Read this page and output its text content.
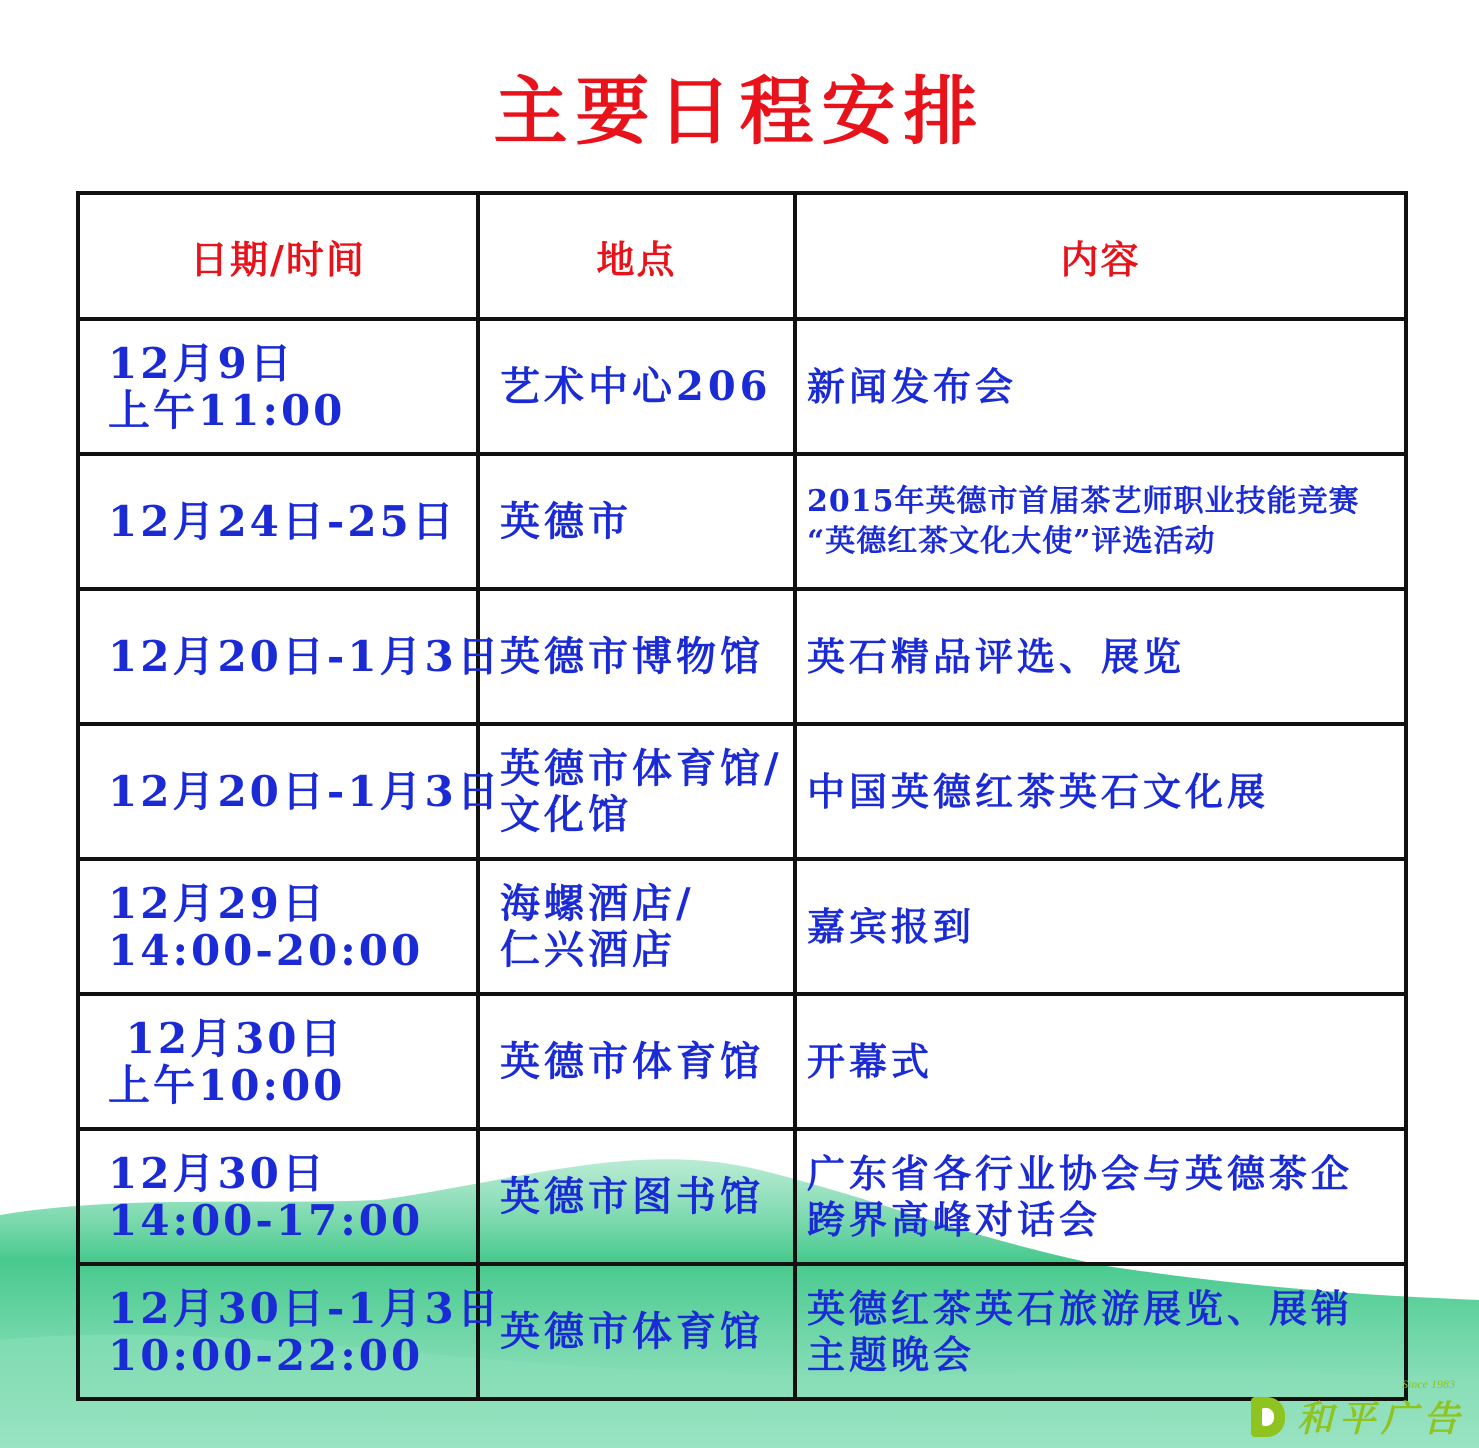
主要日程安排
日期/时间	地点	内容

12月9日
上午11:00	艺术中心206	新闻发布会

12月24日-25日	英德市	2015年英德市首届茶艺师职业技能竞赛
“英德红茶文化大使”评选活动

12月20日-1月3日	英德市博物馆	英石精品评选、展览

12月20日-1月3日	英德市体育馆/
文化馆	中国英德红茶英石文化展

12月29日
14:00-20:00	海螺酒店/
仁兴酒店	嘉宾报到

12月30日
上午10:00	英德市体育馆	开幕式

12月30日
14:00-17:00	英德市图书馆	广东省各行业协会与英德茶企
跨界高峰对话会

12月30日-1月3日
10:00-22:00	英德市体育馆	英德红茶英石旅游展览、展销
主题晚会
Since 1983
和平广告
